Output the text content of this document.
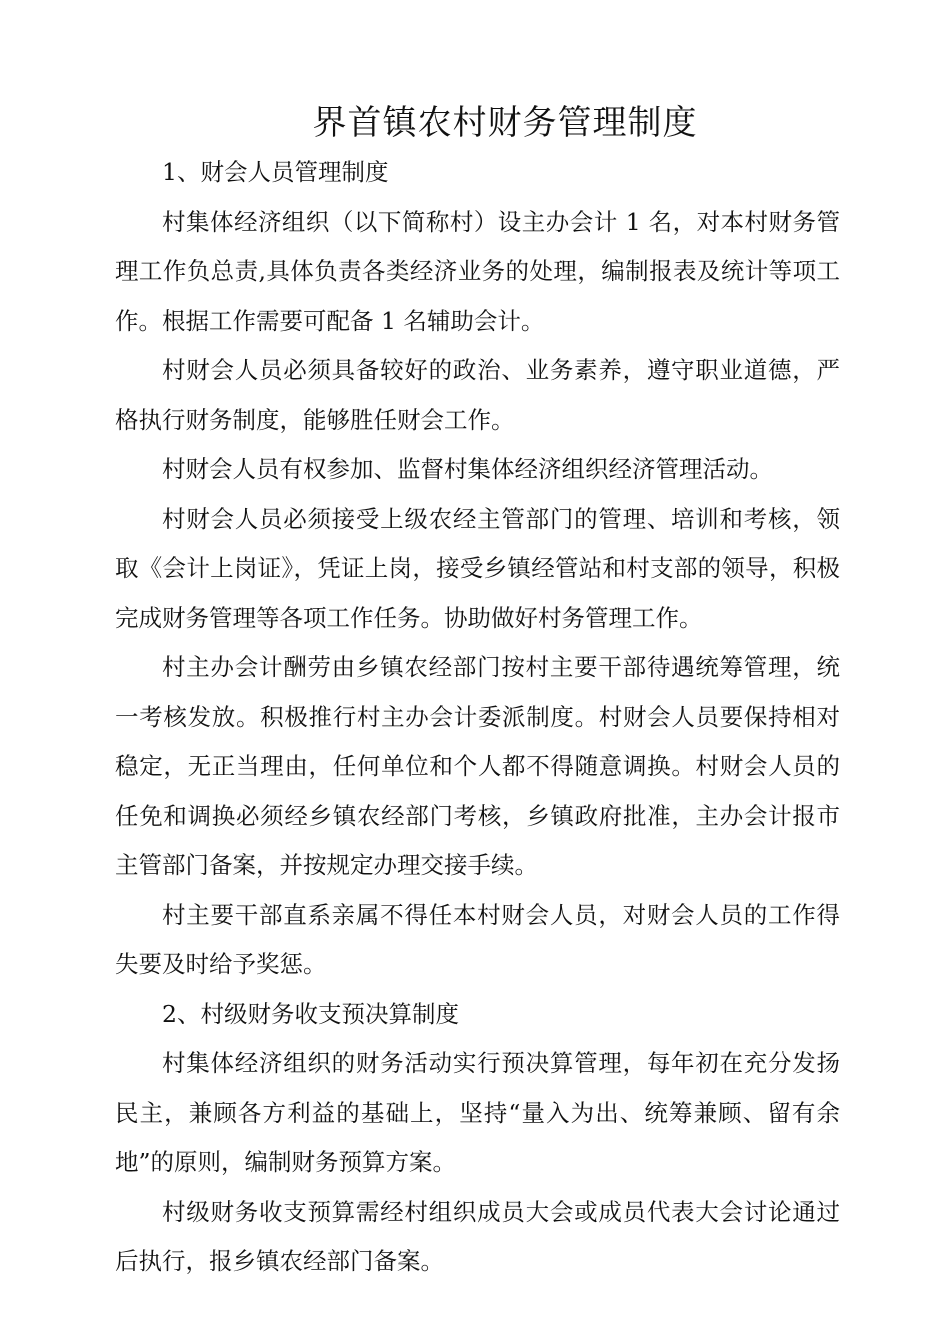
界首镇农村财务管理制度

1、财会人员管理制度

村集体经济组织（以下简称村）设主办会计 1 名，对本村财务管理工作负总责,具体负责各类经济业务的处理，编制报表及统计等项工作。根据工作需要可配备 1 名辅助会计。

村财会人员必须具备较好的政治、业务素养，遵守职业道德，严格执行财务制度，能够胜任财会工作。

村财会人员有权参加、监督村集体经济组织经济管理活动。

村财会人员必须接受上级农经主管部门的管理、培训和考核，领取《会计上岗证》，凭证上岗，接受乡镇经管站和村支部的领导，积极完成财务管理等各项工作任务。协助做好村务管理工作。

村主办会计酬劳由乡镇农经部门按村主要干部待遇统筹管理，统一考核发放。积极推行村主办会计委派制度。村财会人员要保持相对稳定，无正当理由，任何单位和个人都不得随意调换。村财会人员的任免和调换必须经乡镇农经部门考核，乡镇政府批准，主办会计报市主管部门备案，并按规定办理交接手续。

村主要干部直系亲属不得任本村财会人员，对财会人员的工作得失要及时给予奖惩。

2、村级财务收支预决算制度

村集体经济组织的财务活动实行预决算管理，每年初在充分发扬民主，兼顾各方利益的基础上，坚持“量入为出、统筹兼顾、留有余地”的原则，编制财务预算方案。

村级财务收支预算需经村组织成员大会或成员代表大会讨论通过后执行，报乡镇农经部门备案。
